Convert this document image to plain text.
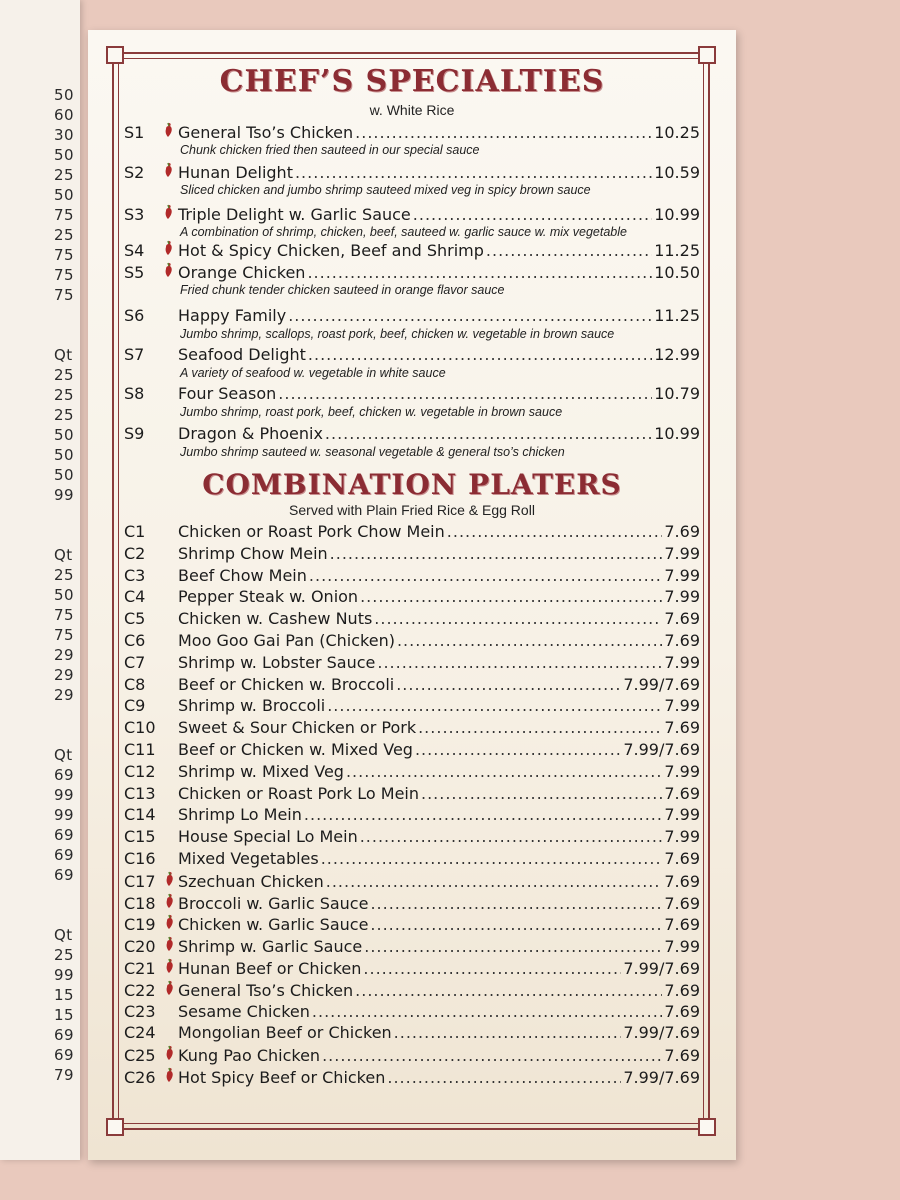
50
60
30
50
25
50
75
25
75
75
75
Qt
25
25
25
50
50
50
99
Qt
25
50
75
75
29
29
29
Qt
69
99
99
69
69
69
Qt
25
99
15
15
69
69
79
CHEF’S SPECIALTIES
w. White Rice
COMBINATION PLATERS
Served with Plain Fried Rice & Egg Roll
S1	General Tso’s Chicken .....	10.25
Chunk chicken fried then sauteed in our special sauce
S2	Hunan Delight .....	10.59
Sliced chicken and jumbo shrimp sauteed mixed veg in spicy brown sauce
S3	Triple Delight w. Garlic Sauce .....	10.99
A combination of shrimp, chicken, beef, sauteed w. garlic sauce w. mix vegetable
S4	Hot & Spicy Chicken, Beef and Shrimp .....	11.25
S5	Orange Chicken .....	10.50
Fried chunk tender chicken sauteed in orange flavor sauce
S6	Happy Family .....	11.25
Jumbo shrimp, scallops, roast pork, beef, chicken w. vegetable in brown sauce
S7	Seafood Delight .....	12.99
A variety of seafood w. vegetable in white sauce
S8	Four Season .....	10.79
Jumbo shrimp, roast pork, beef, chicken w. vegetable in brown sauce
S9	Dragon & Phoenix .....	10.99
Jumbo shrimp sauteed w. seasonal vegetable & general tso’s chicken
C1	Chicken or Roast Pork Chow Mein .....	7.69
C2	Shrimp Chow Mein .....	7.99
C3	Beef Chow Mein .....	7.99
C4	Pepper Steak w. Onion .....	7.99
C5	Chicken w. Cashew Nuts .....	7.69
C6	Moo Goo Gai Pan (Chicken) .....	7.69
C7	Shrimp w. Lobster Sauce .....	7.99
C8	Beef or Chicken w. Broccoli .....	7.99/7.69
C9	Shrimp w. Broccoli .....	7.99
C10	Sweet & Sour Chicken or Pork .....	7.69
C11	Beef or Chicken w. Mixed Veg .....	7.99/7.69
C12	Shrimp w. Mixed Veg .....	7.99
C13	Chicken or Roast Pork Lo Mein .....	7.69
C14	Shrimp Lo Mein .....	7.99
C15	House Special Lo Mein .....	7.99
C16	Mixed Vegetables .....	7.69
C17 Szechuan Chicken .....	7.69
C18 Broccoli w. Garlic Sauce .....	7.69
C19 Chicken w. Garlic Sauce .....	7.69
C20 Shrimp w. Garlic Sauce .....	7.99
C21 Hunan Beef or Chicken .....	7.99/7.69
C22 General Tso’s Chicken .....	7.69
C23	Sesame Chicken .....	7.69
C24	Mongolian Beef or Chicken .....	7.99/7.69
C25 Kung Pao Chicken .....	7.69
C26 Hot Spicy Beef or Chicken .....	7.99/7.69
